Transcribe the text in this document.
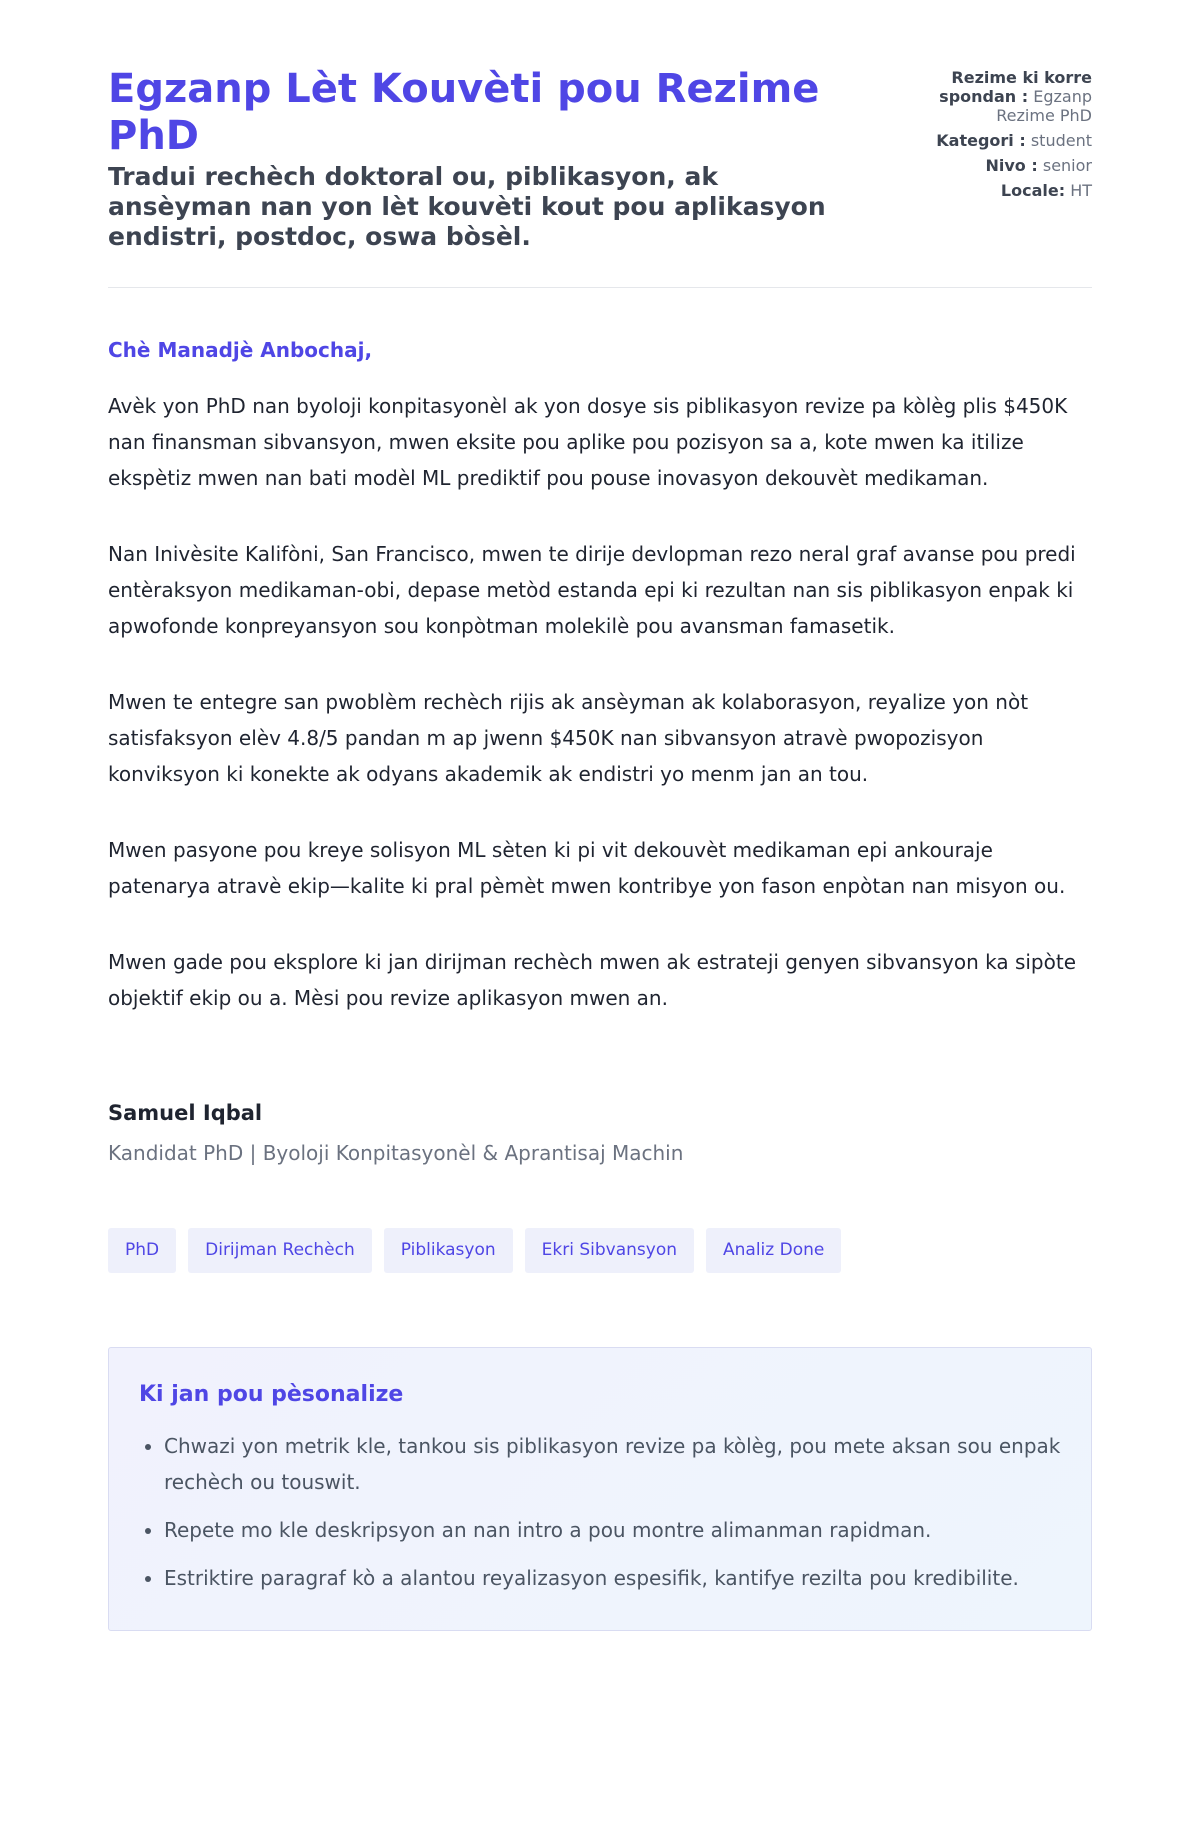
Egzanp Lèt Kouvèti pou Rezime PhD
Tradui rechèch doktoral ou, piblikasyon, ak ansèyman nan yon lèt kouvèti kout pou aplikasyon endistri, postdoc, oswa bòsèl.
Rezime ki korre spondan : Egzanp Rezime PhD
Kategori : student
Nivo : senior
Locale: HT
Chè Manadjè Anbochaj,

Avèk yon PhD nan byoloji konpitasyonèl ak yon dosye sis piblikasyon revize pa kòlèg plis $450K nan finansman sibvansyon, mwen eksite pou aplike pou pozisyon sa a, kote mwen ka itilize ekspètiz mwen nan bati modèl ML prediktif pou pouse inovasyon dekouvèt medikaman.

Nan Inivèsite Kalifòni, San Francisco, mwen te dirije devlopman rezo neral graf avanse pou predi entèraksyon medikaman-obi, depase metòd estanda epi ki rezultan nan sis piblikasyon enpak ki apwofonde konpreyansyon sou konpòtman molekilè pou avansman famasetik.

Mwen te entegre san pwoblèm rechèch rijis ak ansèyman ak kolaborasyon, reyalize yon nòt satisfaksyon elèv 4.8/5 pandan m ap jwenn $450K nan sibvansyon atravè pwopozisyon konviksyon ki konekte ak odyans akademik ak endistri yo menm jan an tou.

Mwen pasyone pou kreye solisyon ML sèten ki pi vit dekouvèt medikaman epi ankouraje patenarya atravè ekip—kalite ki pral pèmèt mwen kontribye yon fason enpòtan nan misyon ou.

Mwen gade pou eksplore ki jan dirijman rechèch mwen ak estrateji genyen sibvansyon ka sipòte objektif ekip ou a. Mèsi pou revize aplikasyon mwen an.

Samuel Iqbal
Kandidat PhD | Byoloji Konpitasyonèl & Aprantisaj Machin
PhD	Dirijman Rechèch	Piblikasyon	Ekri Sibvansyon	Analiz Done
Ki jan pou pèsonalize
• Chwazi yon metrik kle, tankou sis piblikasyon revize pa kòlèg, pou mete aksan sou enpak rechèch ou touswit.
• Repete mo kle deskripsyon an nan intro a pou montre alimanman rapidman.
• Estriktire paragraf kò a alantou reyalizasyon espesifik, kantifye rezilta pou kredibilite.
